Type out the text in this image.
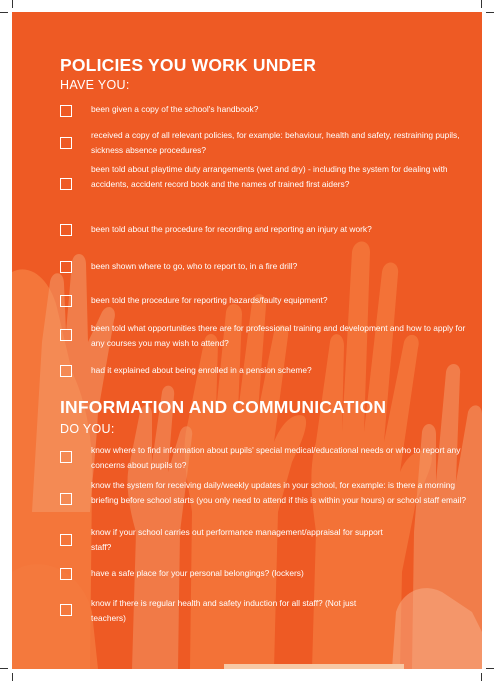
POLICIES YOU WORK UNDER
HAVE YOU:
been given a copy of the school's handbook?
received a copy of all relevant policies, for example: behaviour, health and safety, restraining pupils, sickness absence procedures?
been told about playtime duty arrangements (wet and dry) - including the system for dealing with accidents, accident record book and the names of trained first aiders?
been told about the procedure for recording and reporting an injury at work?
been shown where to go, who to report to, in a fire drill?
been told the procedure for reporting hazards/faulty equipment?
been told what opportunities there are for professional training and development and how to apply for any courses you may wish to attend?
had it explained about being enrolled in a pension scheme?
INFORMATION AND COMMUNICATION
DO YOU:
know where to find information about pupils' special medical/educational needs or who to report any concerns about pupils to?
know the system for receiving daily/weekly updates in your school, for example: is there a morning briefing before school starts (you only need to attend if this is within your hours) or school staff email?
know if your school carries out performance management/appraisal for support staff?
have a safe place for your personal belongings? (lockers)
know if there is regular health and safety induction for all staff? (Not just teachers)
